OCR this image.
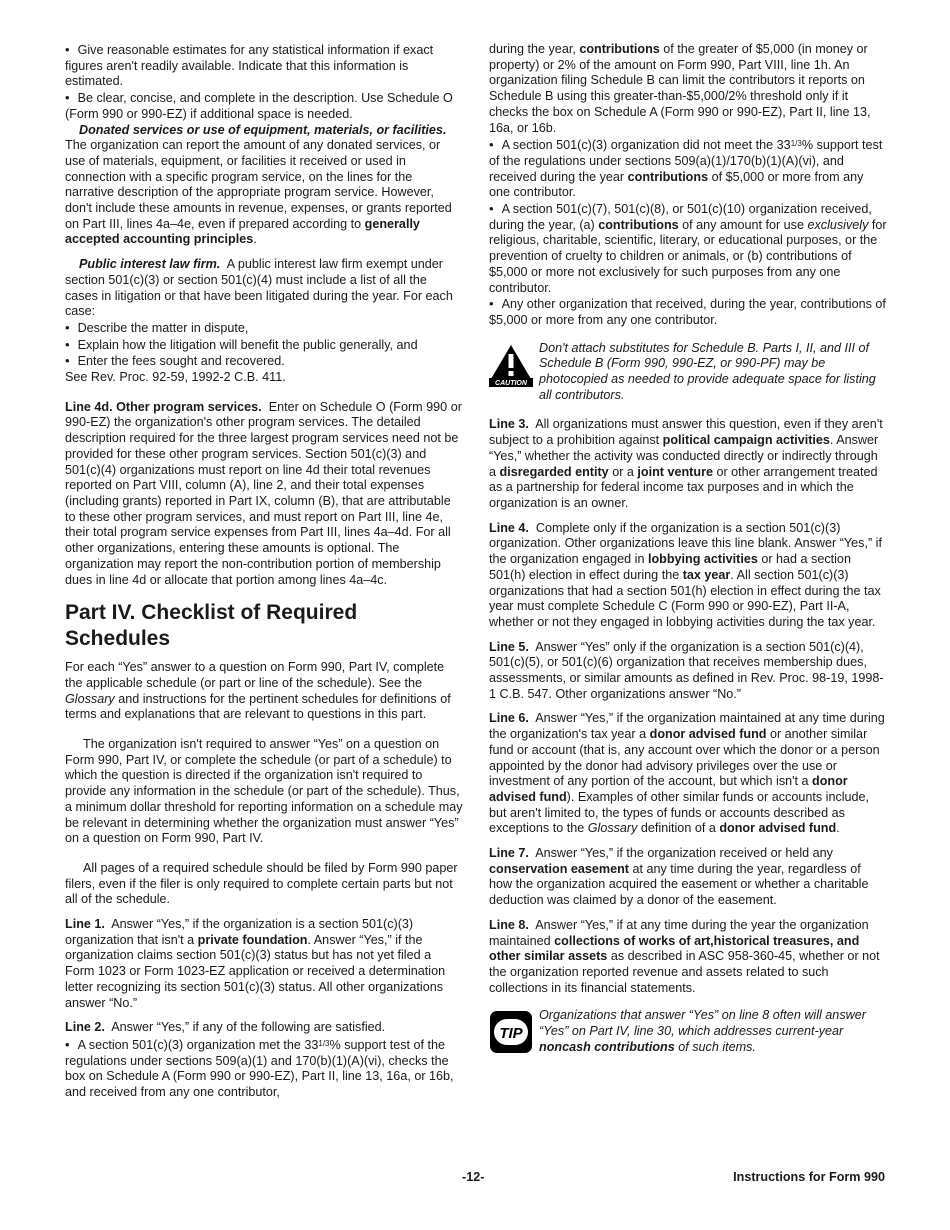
• Give reasonable estimates for any statistical information if exact figures aren't readily available. Indicate that this information is estimated.

• Be clear, concise, and complete in the description. Use Schedule O (Form 990 or 990-EZ) if additional space is needed.

Donated services or use of equipment, materials, or facilities. The organization can report the amount of any donated services, or use of materials, equipment, or facilities it received or used in connection with a specific program service, on the lines for the narrative description of the appropriate program service. However, don't include these amounts in revenue, expenses, or grants reported on Part III, lines 4a–4e, even if prepared according to generally accepted accounting principles.

Public interest law firm. A public interest law firm exempt under section 501(c)(3) or section 501(c)(4) must include a list of all the cases in litigation or that have been litigated during the year. For each case:

• Describe the matter in dispute,

• Explain how the litigation will benefit the public generally, and

• Enter the fees sought and recovered.

See Rev. Proc. 92-59, 1992-2 C.B. 411.

Line 4d. Other program services. Enter on Schedule O (Form 990 or 990-EZ) the organization's other program services. The detailed description required for the three largest program services need not be provided for these other program services. Section 501(c)(3) and 501(c)(4) organizations must report on line 4d their total revenues reported on Part VIII, column (A), line 2, and their total expenses (including grants) reported in Part IX, column (B), that are attributable to these other program services, and must report on Part III, line 4e, their total program service expenses from Part III, lines 4a–4d. For all other organizations, entering these amounts is optional. The organization may report the non-contribution portion of membership dues in line 4d or allocate that portion among lines 4a–4c.

Part IV. Checklist of Required Schedules

For each “Yes” answer to a question on Form 990, Part IV, complete the applicable schedule (or part or line of the schedule). See the Glossary and instructions for the pertinent schedules for definitions of terms and explanations that are relevant to questions in this part.

The organization isn't required to answer “Yes” on a question on Form 990, Part IV, or complete the schedule (or part of a schedule) to which the question is directed if the organization isn't required to provide any information in the schedule (or part of the schedule). Thus, a minimum dollar threshold for reporting information on a schedule may be relevant in determining whether the organization must answer “Yes” on a question on Form 990, Part IV.

All pages of a required schedule should be filed by Form 990 paper filers, even if the filer is only required to complete certain parts but not all of the schedule.

Line 1. Answer “Yes,” if the organization is a section 501(c)(3) organization that isn't a private foundation. Answer “Yes,” if the organization claims section 501(c)(3) status but has not yet filed a Form 1023 or Form 1023-EZ application or received a determination letter recognizing its section 501(c)(3) status. All other organizations answer “No.”

Line 2. Answer “Yes,” if any of the following are satisfied.

• A section 501(c)(3) organization met the $33^{1/3}\%$ support test of the regulations under sections 509(a)(1) and 170(b)(1)(A)(vi), checks the box on Schedule A (Form 990 or 990-EZ), Part II, line 13, 16a, or 16b, and received from any one contributor,

during the year, contributions of the greater of $5,000 (in money or property) or 2% of the amount on Form 990, Part VIII, line 1h. An organization filing Schedule B can limit the contributors it reports on Schedule B using this greater-than-$5,000/2% threshold only if it checks the box on Schedule A (Form 990 or 990-EZ), Part II, line 13, 16a, or 16b.

• A section 501(c)(3) organization did not meet the $33^{1/3}\%$ support test of the regulations under sections 509(a)(1)/170(b)(1)(A)(vi), and received during the year contributions of $5,000 or more from any one contributor.

• A section 501(c)(7), 501(c)(8), or 501(c)(10) organization received, during the year, (a) contributions of any amount for use exclusively for religious, charitable, scientific, literary, or educational purposes, or the prevention of cruelty to children or animals, or (b) contributions of $5,000 or more not exclusively for such purposes from any one contributor.

• Any other organization that received, during the year, contributions of $5,000 or more from any one contributor.

CAUTION
Don't attach substitutes for Schedule B. Parts I, II, and III of Schedule B (Form 990, 990-EZ, or 990-PF) may be photocopied as needed to provide adequate space for listing all contributors.

Line 3. All organizations must answer this question, even if they aren't subject to a prohibition against political campaign activities. Answer “Yes,” whether the activity was conducted directly or indirectly through a disregarded entity or a joint venture or other arrangement treated as a partnership for federal income tax purposes and in which the organization is an owner.

Line 4. Complete only if the organization is a section 501(c)(3) organization. Other organizations leave this line blank. Answer “Yes,” if the organization engaged in lobbying activities or had a section 501(h) election in effect during the tax year. All section 501(c)(3) organizations that had a section 501(h) election in effect during the tax year must complete Schedule C (Form 990 or 990-EZ), Part II-A, whether or not they engaged in lobbying activities during the tax year.

Line 5. Answer “Yes” only if the organization is a section 501(c)(4), 501(c)(5), or 501(c)(6) organization that receives membership dues, assessments, or similar amounts as defined in Rev. Proc. 98-19, 1998-1 C.B. 547. Other organizations answer “No.”

Line 6. Answer “Yes,” if the organization maintained at any time during the organization's tax year a donor advised fund or another similar fund or account (that is, any account over which the donor or a person appointed by the donor had advisory privileges over the use or investment of any portion of the account, but which isn't a donor advised fund). Examples of other similar funds or accounts include, but aren't limited to, the types of funds or accounts described as exceptions to the Glossary definition of a donor advised fund.

Line 7. Answer “Yes,” if the organization received or held any conservation easement at any time during the year, regardless of how the organization acquired the easement or whether a charitable deduction was claimed by a donor of the easement.

Line 8. Answer “Yes,” if at any time during the year the organization maintained collections of works of art,historical treasures, and other similar assets as described in ASC 958-360-45, whether or not the organization reported revenue and assets related to such collections in its financial statements.

TIP
Organizations that answer “Yes” on line 8 often will answer “Yes” on Part IV, line 30, which addresses current-year noncash contributions of such items.
-12-	Instructions for Form 990
